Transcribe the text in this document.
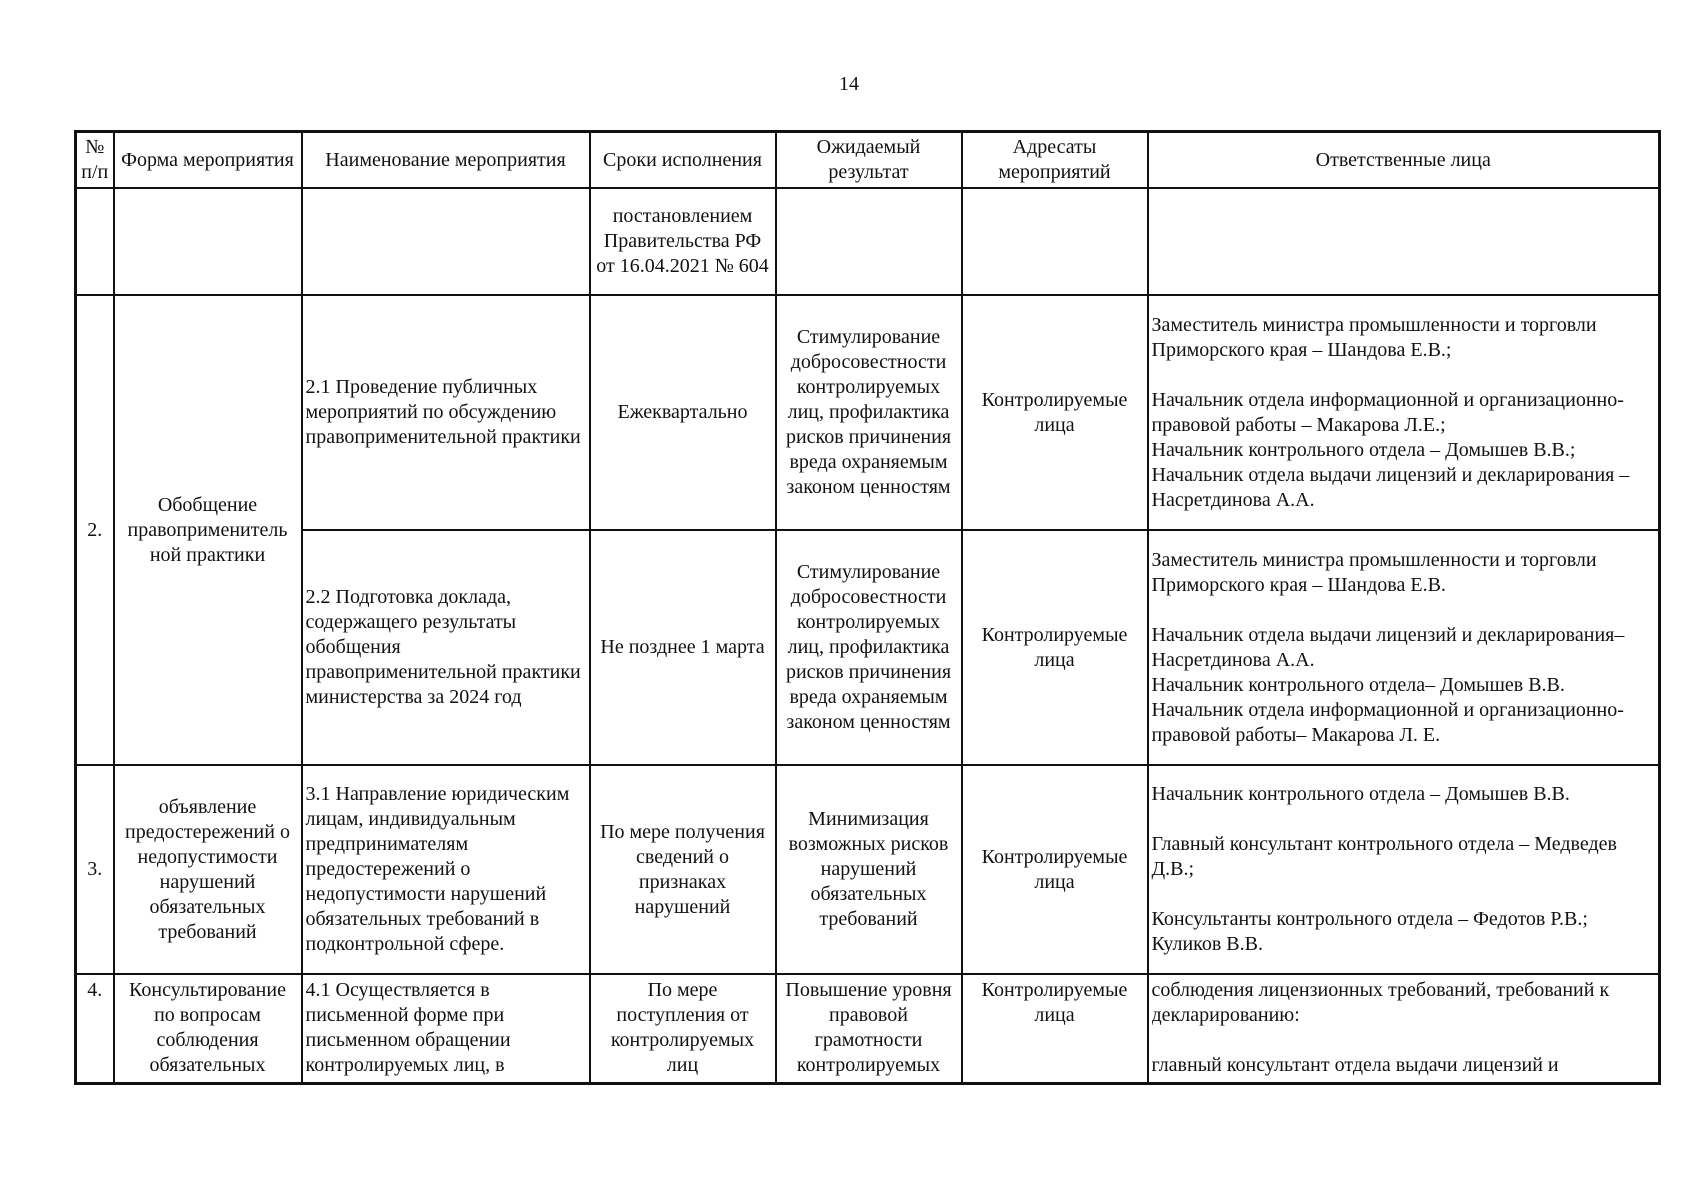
14
№ п/п	Форма мероприятия	Наименование мероприятия	Сроки исполнения	Ожидаемый результат	Адресаты мероприятий	Ответственные лица
			постановлением Правительства РФ от 16.04.2021 № 604			
2.	Обобщение правоприменитель ной практики	2.1 Проведение публичных мероприятий по обсуждению правоприменительной практики	Ежеквартально	Стимулирование добросовестности контролируемых лиц, профилактика рисков причинения вреда охраняемым законом ценностям	Контролируемые лица	Заместитель министра промышленности и торговли Приморского края – Шандова Е.В.;
Начальник отдела информационной и организационно-правовой работы – Макарова Л.Е.;
Начальник контрольного отдела – Домышев В.В.;
Начальник отдела выдачи лицензий и декларирования – Насретдинова А.А.

		2.2 Подготовка доклада, содержащего результаты обобщения правоприменительной практики министерства за 2024 год	Не позднее 1 марта	Стимулирование добросовестности контролируемых лиц, профилактика рисков причинения вреда охраняемым законом ценностям	Контролируемые лица	Заместитель министра промышленности и торговли Приморского края – Шандова Е.В.
Начальник отдела выдачи лицензий и декларирования– Насретдинова А.А.
Начальник контрольного отдела– Домышев В.В.
Начальник отдела информационной и организационно-правовой работы– Макарова Л. Е.

3.	объявление предостережений о недопустимости нарушений обязательных требований	3.1 Направление юридическим лицам, индивидуальным предпринимателям предостережений о недопустимости нарушений обязательных требований в подконтрольной сфере.	По мере получения сведений о признаках нарушений	Минимизация возможных рисков нарушений обязательных требований	Контролируемые лица	Начальник контрольного отдела – Домышев В.В.
Главный консультант контрольного отдела – Медведев Д.В.;
Консультанты контрольного отдела – Федотов Р.В.; Куликов В.В.

4.	Консультирование по вопросам соблюдения обязательных	4.1 Осуществляется в письменной форме при письменном обращении контролируемых лиц, в	По мере поступления от контролируемых лиц	Повышение уровня правовой грамотности контролируемых	Контролируемые лица	соблюдения лицензионных требований, требований к декларированию:
главный консультант отдела выдачи лицензий и
